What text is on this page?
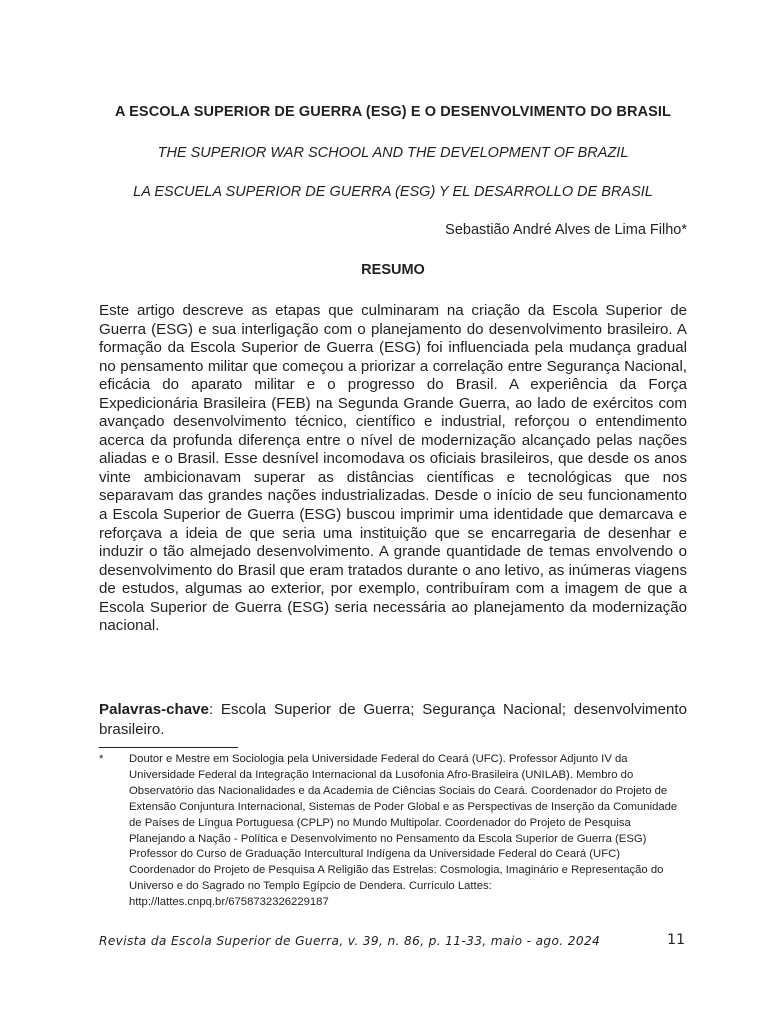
A ESCOLA SUPERIOR DE GUERRA (ESG) E O DESENVOLVIMENTO DO BRASIL
THE SUPERIOR WAR SCHOOL AND THE DEVELOPMENT OF BRAZIL
LA ESCUELA SUPERIOR DE GUERRA (ESG) Y EL DESARROLLO DE BRASIL
Sebastião André Alves de Lima Filho*
RESUMO
Este artigo descreve as etapas que culminaram na criação da Escola Superior de Guerra (ESG) e sua interligação com o planejamento do desenvolvimento brasileiro. A formação da Escola Superior de Guerra (ESG) foi influenciada pela mudança gradual no pensamento militar que começou a priorizar a correlação entre Segurança Nacional, eficácia do aparato militar e o progresso do Brasil. A experiência da Força Expedicionária Brasileira (FEB) na Segunda Grande Guerra, ao lado de exércitos com avançado desenvolvimento técnico, científico e industrial, reforçou o entendimento acerca da profunda diferença entre o nível de modernização alcançado pelas nações aliadas e o Brasil. Esse desnível incomodava os oficiais brasileiros, que desde os anos vinte ambicionavam superar as distâncias científicas e tecnológicas que nos separavam das grandes nações industrializadas. Desde o início de seu funcionamento a Escola Superior de Guerra (ESG) buscou imprimir uma identidade que demarcava e reforçava a ideia de que seria uma instituição que se encarregaria de desenhar e induzir o tão almejado desenvolvimento. A grande quantidade de temas envolvendo o desenvolvimento do Brasil que eram tratados durante o ano letivo, as inúmeras viagens de estudos, algumas ao exterior, por exemplo, contribuíram com a imagem de que a Escola Superior de Guerra (ESG) seria necessária ao planejamento da modernização nacional.
Palavras-chave: Escola Superior de Guerra; Segurança Nacional; desenvolvimento brasileiro.
* Doutor e Mestre em Sociologia pela Universidade Federal do Ceará (UFC). Professor Adjunto IV da Universidade Federal da Integração Internacional da Lusofonia Afro-Brasileira (UNILAB). Membro do Observatório das Nacionalidades e da Academia de Ciências Sociais do Ceará. Coordenador do Projeto de Extensão Conjuntura Internacional, Sistemas de Poder Global e as Perspectivas de Inserção da Comunidade de Países de Língua Portuguesa (CPLP) no Mundo Multipolar. Coordenador do Projeto de Pesquisa Planejando a Nação - Política e Desenvolvimento no Pensamento da Escola Superior de Guerra (ESG) Professor do Curso de Graduação Intercultural Indígena da Universidade Federal do Ceará (UFC) Coordenador do Projeto de Pesquisa A Religião das Estrelas: Cosmologia, Imaginário e Representação do Universo e do Sagrado no Templo Egípcio de Dendera. Currículo Lattes: http://lattes.cnpq.br/6758732326229187
Revista da Escola Superior de Guerra, v. 39, n. 86, p. 11-33, maio - ago. 2024	11
